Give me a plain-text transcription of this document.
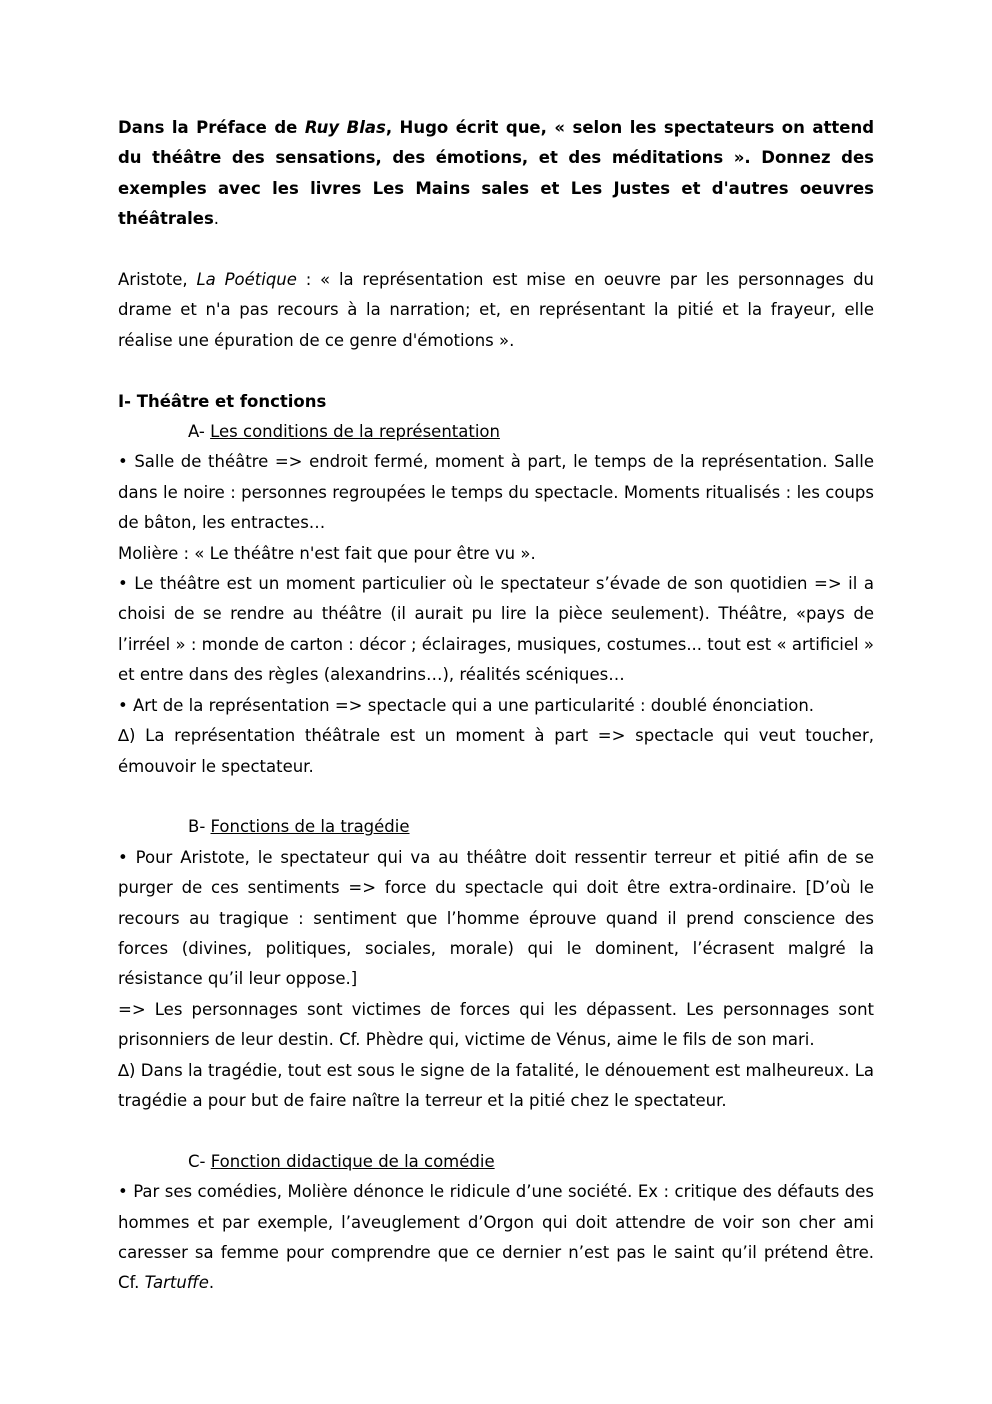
Dans la Préface de Ruy Blas, Hugo écrit que, « selon les spectateurs on attend du théâtre des sensations, des émotions, et des méditations ». Donnez des exemples avec les livres Les Mains sales et Les Justes et d'autres oeuvres théâtrales.

Aristote, La Poétique : « la représentation est mise en oeuvre par les personnages du drame et n'a pas recours à la narration; et, en représentant la pitié et la frayeur, elle réalise une épuration de ce genre d'émotions ».

I- Théâtre et fonctions

A- Les conditions de la représentation

• Salle de théâtre => endroit fermé, moment à part, le temps de la représentation. Salle dans le noire : personnes regroupées le temps du spectacle. Moments ritualisés : les coups de bâton, les entractes…

Molière : « Le théâtre n'est fait que pour être vu ».

• Le théâtre est un moment particulier où le spectateur s’évade de son quotidien => il a choisi de se rendre au théâtre (il aurait pu lire la pièce seulement). Théâtre, «pays de l’irréel » : monde de carton : décor ; éclairages, musiques, costumes... tout est « artificiel » et entre dans des règles (alexandrins…), réalités scéniques…

• Art de la représentation => spectacle qui a une particularité : doublé énonciation.

∆) La représentation théâtrale est un moment à part => spectacle qui veut toucher, émouvoir le spectateur.

B- Fonctions de la tragédie

• Pour Aristote, le spectateur qui va au théâtre doit ressentir terreur et pitié afin de se purger de ces sentiments => force du spectacle qui doit être extra-ordinaire. [D’où le recours au tragique : sentiment que l’homme éprouve quand il prend conscience des forces (divines, politiques, sociales, morale) qui le dominent, l’écrasent malgré la résistance qu’il leur oppose.]

=> Les personnages sont victimes de forces qui les dépassent. Les personnages sont prisonniers de leur destin. Cf. Phèdre qui, victime de Vénus, aime le fils de son mari.

∆) Dans la tragédie, tout est sous le signe de la fatalité, le dénouement est malheureux. La tragédie a pour but de faire naître la terreur et la pitié chez le spectateur.

C- Fonction didactique de la comédie

• Par ses comédies, Molière dénonce le ridicule d’une société. Ex : critique des défauts des hommes et par exemple, l’aveuglement d’Orgon qui doit attendre de voir son cher ami caresser sa femme pour comprendre que ce dernier n’est pas le saint qu’il prétend être. Cf. Tartuffe.
